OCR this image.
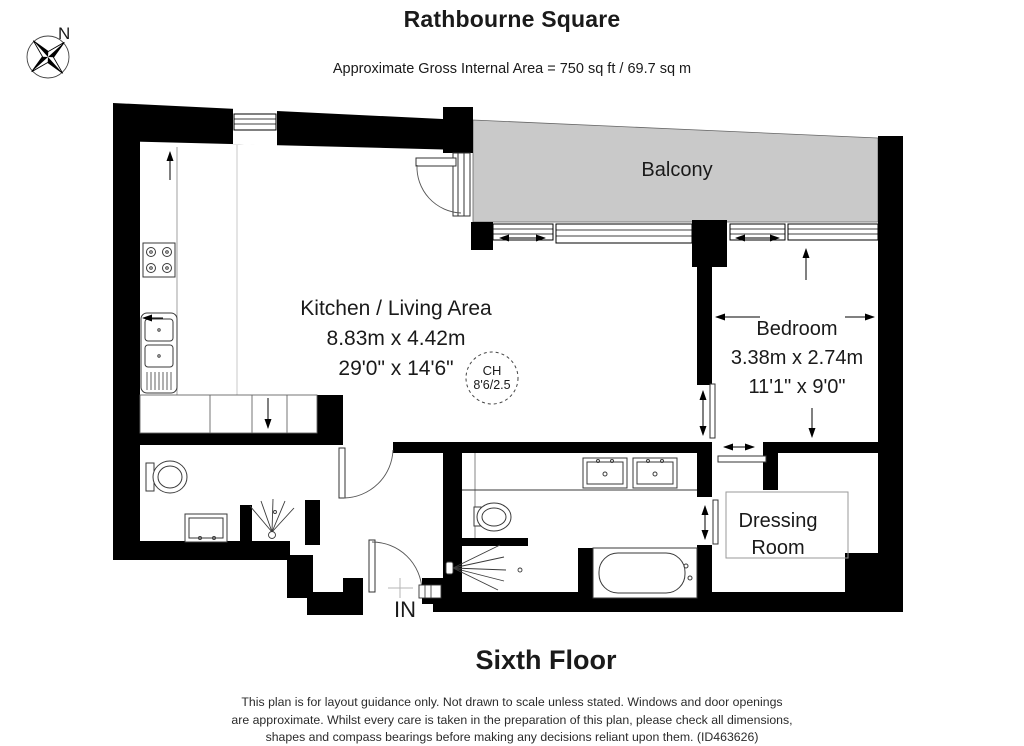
N
Rathbourne Square
Approximate Gross Internal Area = 750 sq ft / 69.7 sq m
Balcony
Kitchen / Living Area
8.83m x 4.42m
29'0" x 14'6"	CH
8'6/2.5
Bedroom
3.38m x 2.74m
11'1" x 9'0"
Dressing
Room
IN
Sixth Floor
This plan is for layout guidance only. Not drawn to scale unless stated. Windows and door openings
are approximate. Whilst every care is taken in the preparation of this plan, please check all dimensions,
shapes and compass bearings before making any decisions reliant upon them. (ID463626)
